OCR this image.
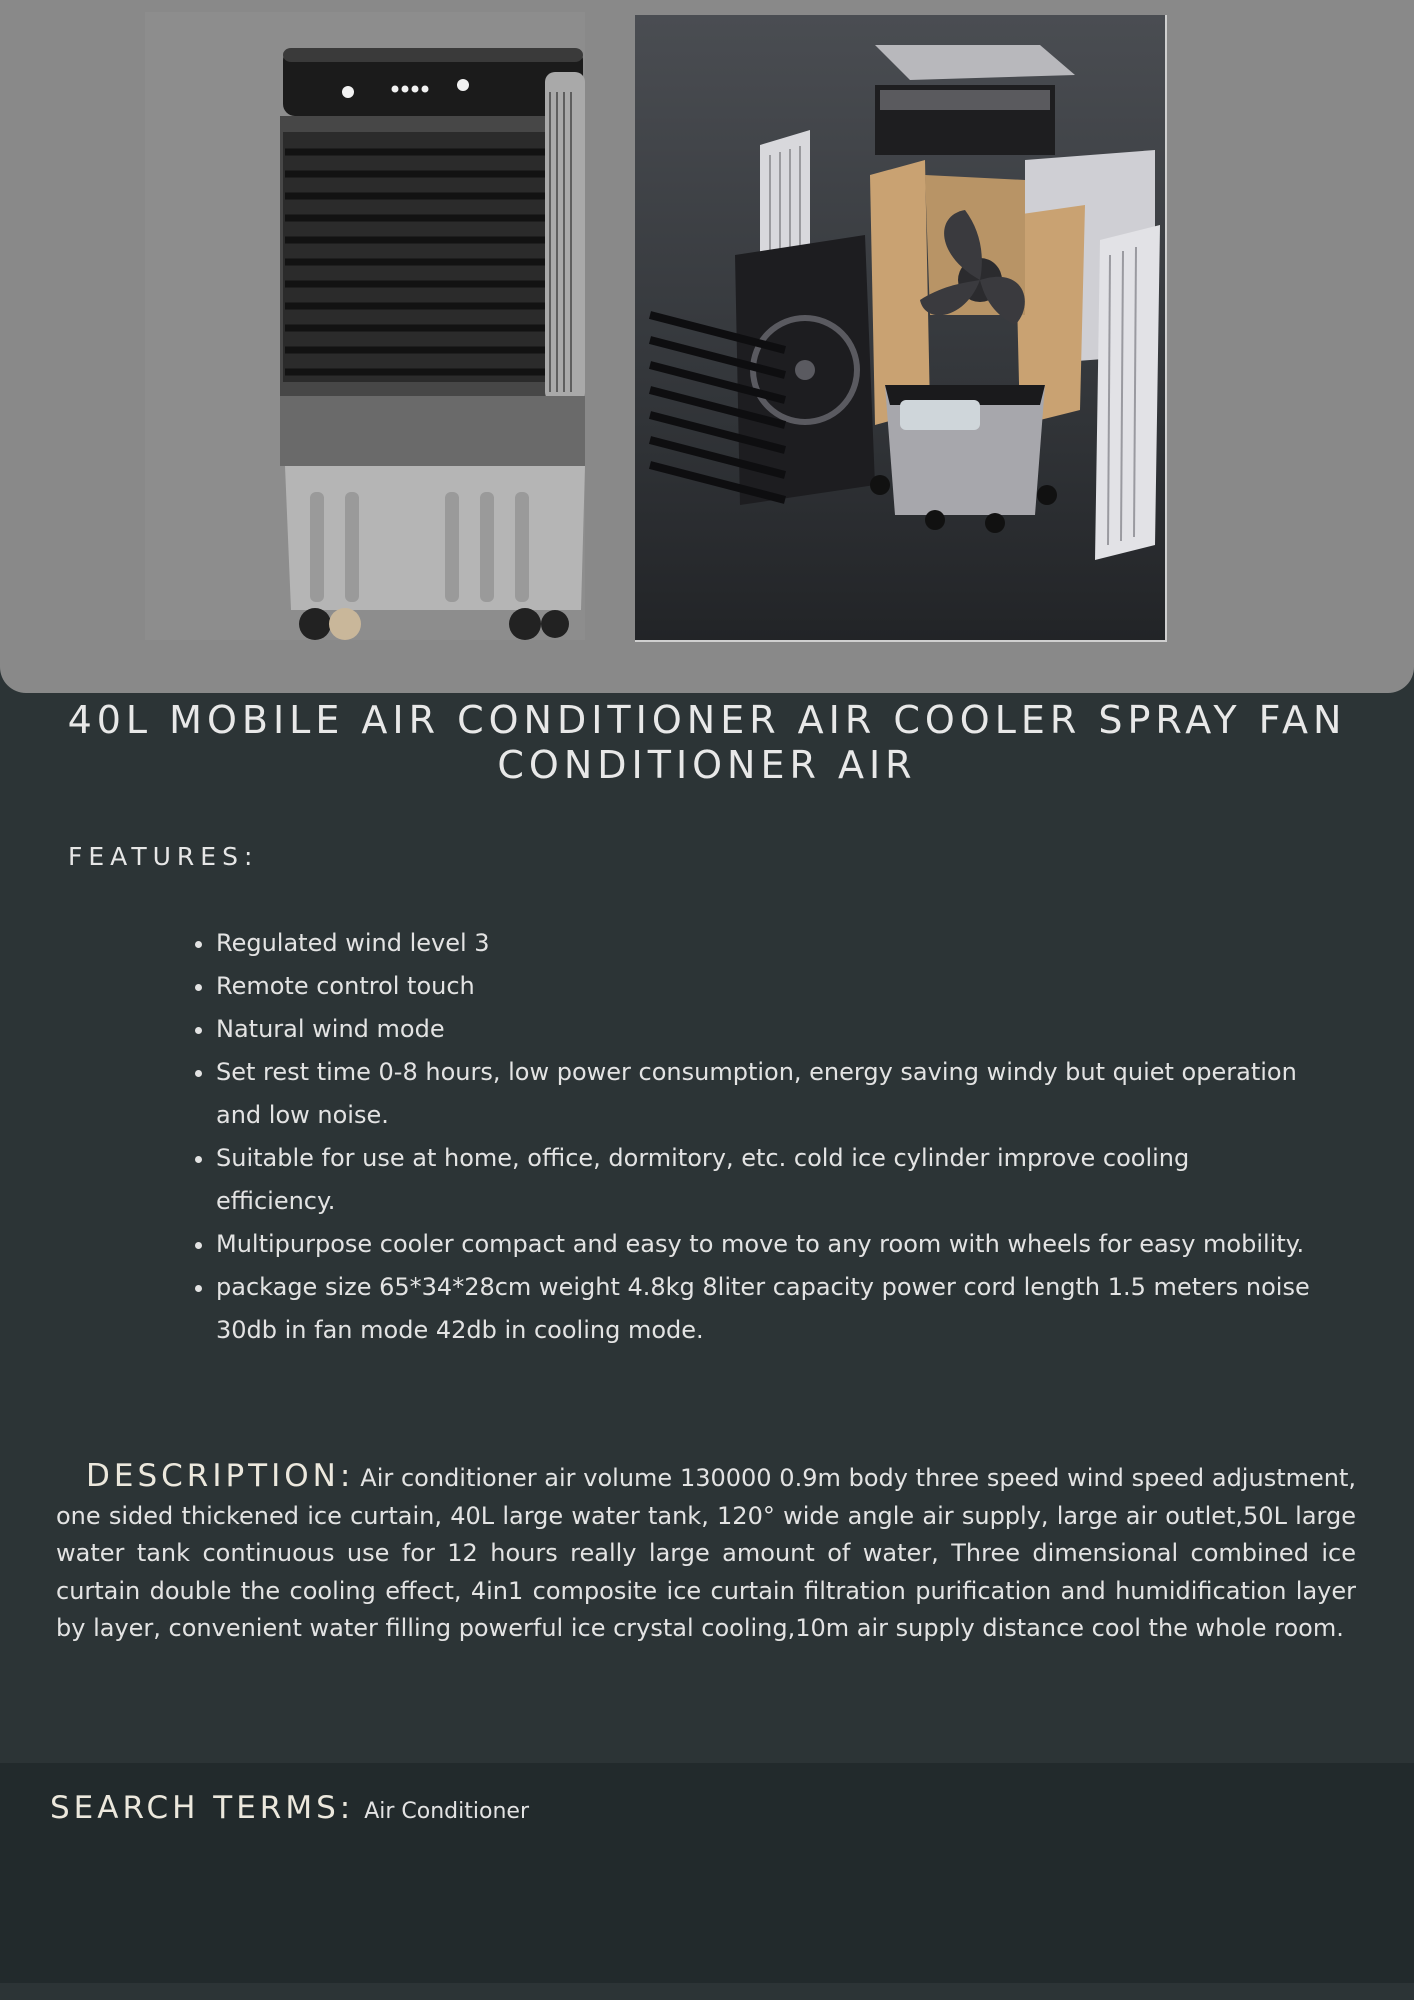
40L MOBILE AIR CONDITIONER AIR COOLER SPRAY FAN CONDITIONER AIR
FEATURES:
• Regulated wind level 3
• Remote control touch
• Natural wind mode
• Set rest time 0-8 hours, low power consumption, energy saving windy but quiet operation and low noise.
• Suitable for use at home, office, dormitory, etc. cold ice cylinder improve cooling efficiency.
• Multipurpose cooler compact and easy to move to any room with wheels for easy mobility.
• package size 65*34*28cm weight 4.8kg 8liter capacity power cord length 1.5 meters noise 30db in fan mode 42db in cooling mode.

DESCRIPTION: Air conditioner air volume 130000 0.9m body three speed wind speed adjustment, one sided thickened ice curtain, 40L large water tank, 120° wide angle air supply, large air outlet,50L large water tank continuous use for 12 hours really large amount of water, Three dimensional combined ice curtain double the cooling effect, 4in1 composite ice curtain filtration purification and humidification layer by layer, convenient water filling powerful ice crystal cooling,10m air supply distance cool the whole room.

SEARCH TERMS: Air Conditioner
